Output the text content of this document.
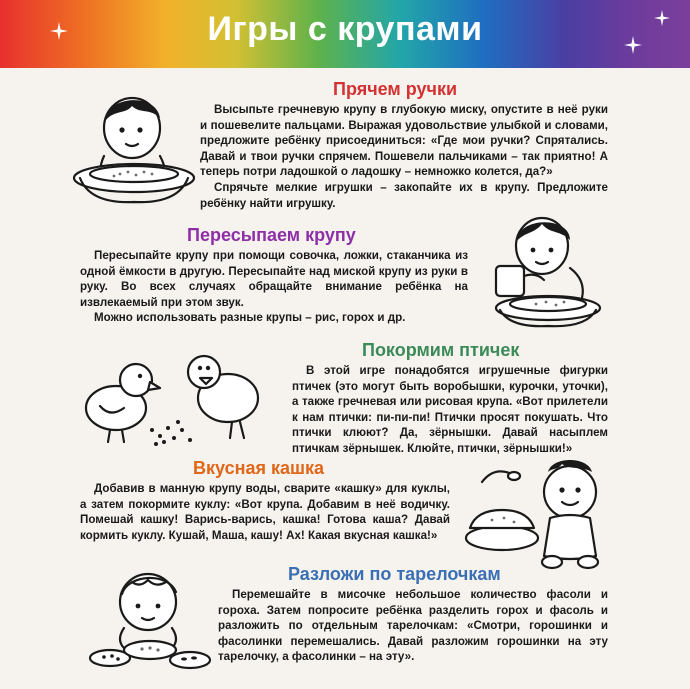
Игры с крупами
Прячем ручки

Высыпьте гречневую крупу в глубокую миску, опустите в неё руки и пошевелите пальцами. Выражая удовольствие улыбкой и словами, предложите ребёнку присоединиться: «Где мои ручки? Спрятались. Давай и твои ручки спрячем. Пошевели пальчиками – так приятно! А теперь потри ладошкой о ладошку – немножко колется, да?»
Спрячьте мелкие игрушки – закопайте их в крупу. Предложите ребёнку найти игрушку.

Пересыпаем крупу

Пересыпайте крупу при помощи совочка, ложки, стаканчика из одной ёмкости в другую. Пересыпайте над миской крупу из руки в руку. Во всех случаях обращайте внимание ребёнка на извлекаемый при этом звук.
Можно использовать разные крупы – рис, горох и др.

Покормим птичек

В этой игре понадобятся игрушечные фигурки птичек (это могут быть воробышки, курочки, уточки), а также гречневая или рисовая крупа. «Вот прилетели к нам птички: пи-пи-пи! Птички просят покушать. Что птички клюют? Да, зёрнышки. Давай насыплем птичкам зёрнышек. Клюйте, птички, зёрнышки!»

Вкусная кашка

Добавив в манную крупу воды, сварите «кашку» для куклы, а затем покормите куклу: «Вот крупа. Добавим в неё водичку. Помешай кашку! Варись-варись, кашка! Готова каша? Давай кормить куклу. Кушай, Маша, кашу! Ах! Какая вкусная кашка!»

Разложи по тарелочкам

Перемешайте в мисочке небольшое количество фасоли и гороха. Затем попросите ребёнка разделить горох и фасоль и разложить по отдельным тарелочкам: «Смотри, горошинки и фасолинки перемешались. Давай разложим горошинки на эту тарелочку, а фасолинки – на эту».
